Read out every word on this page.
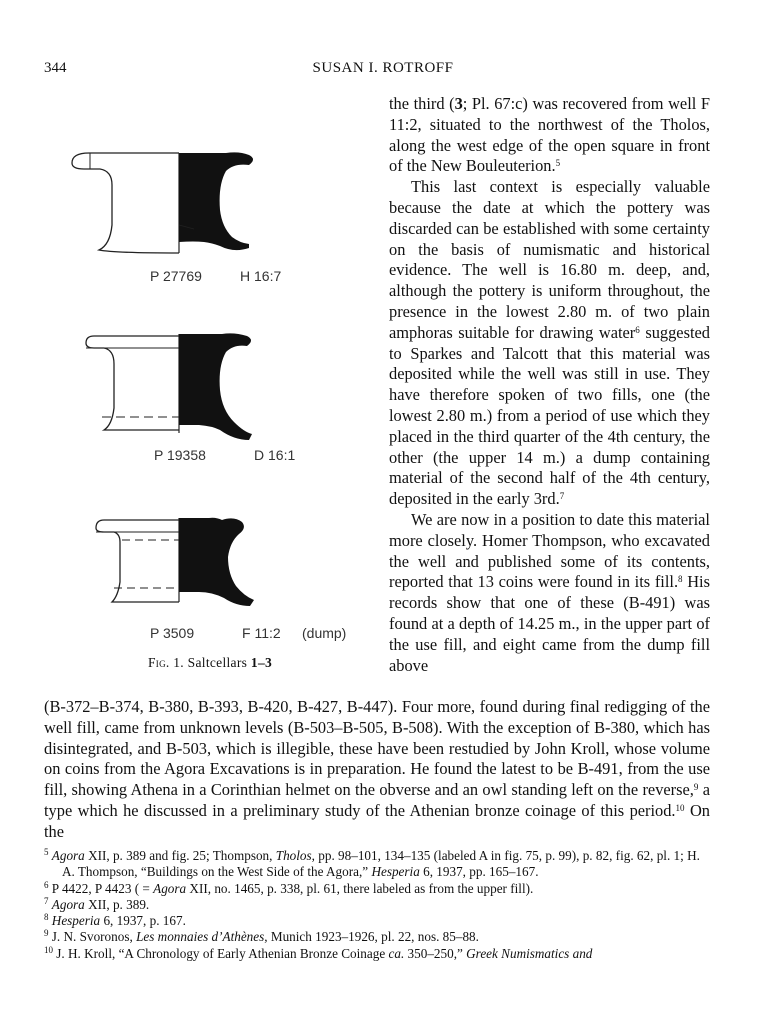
344	SUSAN I. ROTROFF
P 27769	H 16:7
P 19358	D 16:1
P 3509	F 11:2 (dump)
Fig. 1. Saltcellars 1–3

the third (3; Pl. 67:c) was recovered from well F 11:2, situated to the northwest of the Tholos, along the west edge of the open square in front of the New Bouleuterion.$^5$

This last context is especially valuable because the date at which the pottery was discarded can be established with some certainty on the basis of numismatic and historical evidence. The well is 16.80 m. deep, and, although the pottery is uniform throughout, the presence in the lowest 2.80 m. of two plain amphoras suitable for drawing water$^6$ suggested to Sparkes and Talcott that this material was deposited while the well was still in use. They have therefore spoken of two fills, one (the lowest 2.80 m.) from a period of use which they placed in the third quarter of the 4th century, the other (the upper 14 m.) a dump containing material of the second half of the 4th century, deposited in the early 3rd.$^7$

We are now in a position to date this material more closely. Homer Thompson, who excavated the well and published some of its contents, reported that 13 coins were found in its fill.$^8$ His records show that one of these (B-491) was found at a depth of 14.25 m., in the upper part of the use fill, and eight came from the dump fill above

(B-372–B-374, B-380, B-393, B-420, B-427, B-447). Four more, found during final redigging of the well fill, came from unknown levels (B-503–B-505, B-508). With the exception of B-380, which has disintegrated, and B-503, which is illegible, these have been restudied by John Kroll, whose volume on coins from the Agora Excavations is in preparation. He found the latest to be B-491, from the use fill, showing Athena in a Corinthian helmet on the obverse and an owl standing left on the reverse,$^9$ a type which he discussed in a preliminary study of the Athenian bronze coinage of this period.$^{10}$ On the

$^5$ Agora XII, p. 389 and fig. 25; Thompson, Tholos, pp. 98–101, 134–135 (labeled A in fig. 75, p. 99), p. 82, fig. 62, pl. 1; H. A. Thompson, “Buildings on the West Side of the Agora,” Hesperia 6, 1937, pp. 165–167.

$^6$ P 4422, P 4423 ( = Agora XII, no. 1465, p. 338, pl. 61, there labeled as from the upper fill).

$^7$ Agora XII, p. 389.

$^8$ Hesperia 6, 1937, p. 167.

$^9$ J. N. Svoronos, Les monnaies d’Athènes, Munich 1923–1926, pl. 22, nos. 85–88.

$^{10}$ J. H. Kroll, “A Chronology of Early Athenian Bronze Coinage ca. 350–250,” Greek Numismatics and
